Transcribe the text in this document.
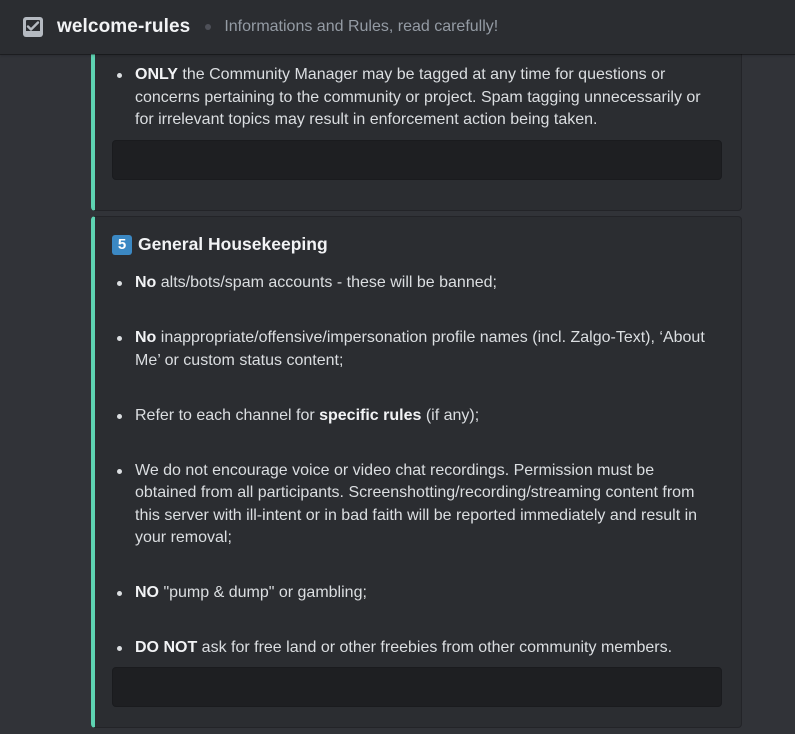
welcome-rules Informations and Rules, read carefully!
ONLY the Community Manager may be tagged at any time for questions or concerns pertaining to the community or project. Spam tagging unnecessarily or for irrelevant topics may result in enforcement action being taken.
5 General Housekeeping
No alts/bots/spam accounts - these will be banned;
No inappropriate/offensive/impersonation profile names (incl. Zalgo-Text), ‘About Me’ or custom status content;
Refer to each channel for specific rules (if any);
We do not encourage voice or video chat recordings. Permission must be obtained from all participants. Screenshotting/recording/streaming content from this server with ill-intent or in bad faith will be reported immediately and result in your removal;
NO "pump & dump" or gambling;
DO NOT ask for free land or other freebies from other community members.
